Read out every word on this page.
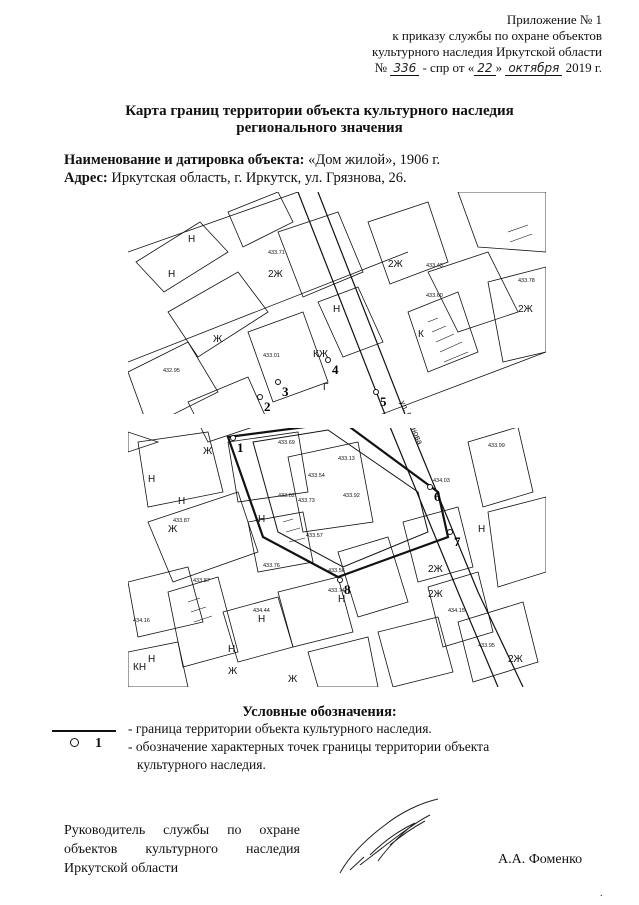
Приложение № 1
к приказу службы по охране объектов
культурного наследия Иркутской области
№ 336 - спр от « 22 » октября 2019 г.
Карта границ территории объекта культурного наследия
регионального значения
Наименование и датировка объекта: «Дом жилой», 1906 г.
Адрес: Иркутская область, г. Иркутск, ул. Грязнова, 26.
1
2
3
4
5
6
7
8
Н
Ж
2Ж
КЖ
Н
Ж
Н
2Ж
Н
Ж
Н
Н	2Ж
Н
Н
Ж
КН	Ж
Н
2Ж
2Ж
К
Г
Н
Н
2Ж
433.71
433.43
433.60
433.01
432.95
433.69
433.82
433.54
433.92
433.57
433.76
433.13
433.73
433.87
434.16
434.44
433.74
433.56
433.99
434.03
434.15
433.95
433.87
433.78
Условные обозначения:
- граница территории объекта культурного наследия.
1 - обозначение характерных точек границы территории объекта
культурного наследия.
Руководитель службы по охране
объектов культурного наследия
Иркутской области
А.А. Фоменко
.
